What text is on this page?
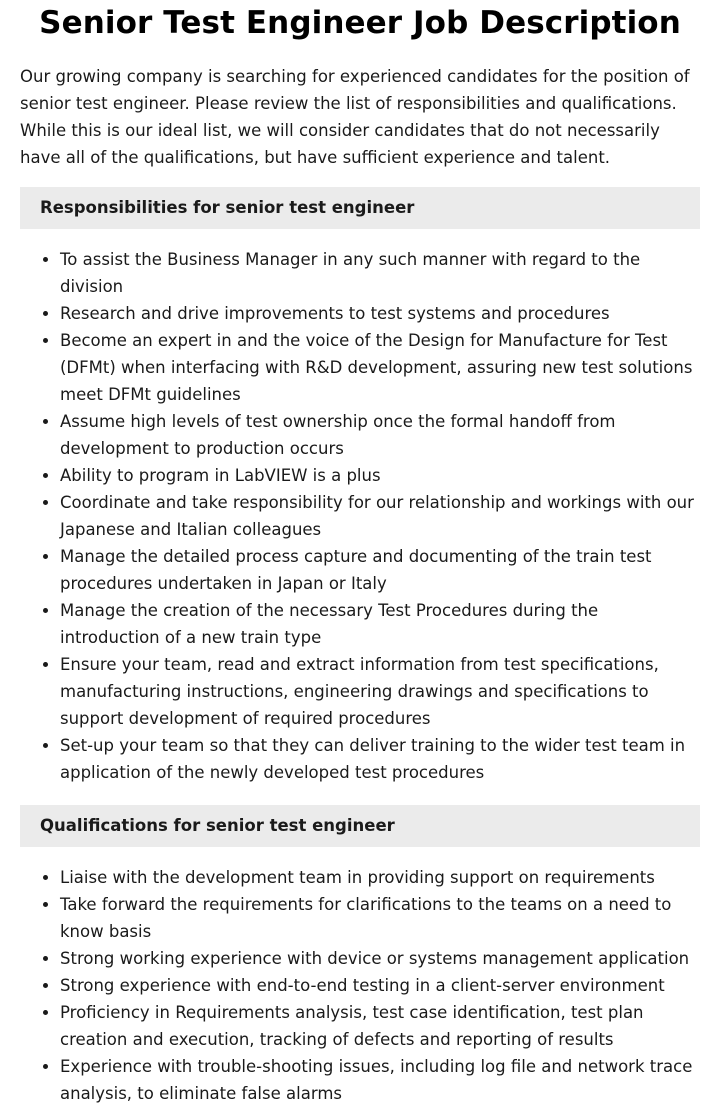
Senior Test Engineer Job Description

Our growing company is searching for experienced candidates for the position of senior test engineer. Please review the list of responsibilities and qualifications. While this is our ideal list, we will consider candidates that do not necessarily have all of the qualifications, but have sufficient experience and talent.

Responsibilities for senior test engineer
To assist the Business Manager in any such manner with regard to the division
Research and drive improvements to test systems and procedures
Become an expert in and the voice of the Design for Manufacture for Test (DFMt) when interfacing with R&D development, assuring new test solutions meet DFMt guidelines
Assume high levels of test ownership once the formal handoff from development to production occurs
Ability to program in LabVIEW is a plus
Coordinate and take responsibility for our relationship and workings with our Japanese and Italian colleagues
Manage the detailed process capture and documenting of the train test procedures undertaken in Japan or Italy
Manage the creation of the necessary Test Procedures during the introduction of a new train type
Ensure your team, read and extract information from test specifications, manufacturing instructions, engineering drawings and specifications to support development of required procedures
Set-up your team so that they can deliver training to the wider test team in application of the newly developed test procedures
Qualifications for senior test engineer
Liaise with the development team in providing support on requirements
Take forward the requirements for clarifications to the teams on a need to know basis
Strong working experience with device or systems management application
Strong experience with end-to-end testing in a client-server environment
Proficiency in Requirements analysis, test case identification, test plan creation and execution, tracking of defects and reporting of results
Experience with trouble-shooting issues, including log file and network trace analysis, to eliminate false alarms
